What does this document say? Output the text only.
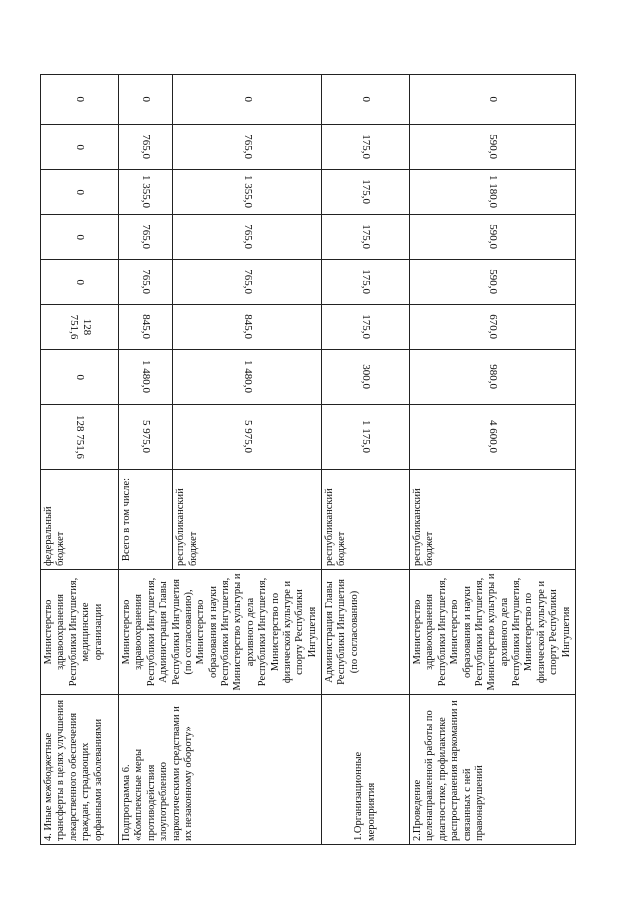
4. Иные межбюджетные трансферты в целях улучшения лекарственного обеспечения граждан, страдающих орфанными заболеваниями	Министерство здравоохранения Республики Ингушетия, медицинские организации	федеральный бюджет	128 751,6	0	128 751,6	0	0	0	0	0
Подпрограмма 6. «Комплексные меры противодействия злоупотреблению наркотическими средствами и их незаконному обороту»	Министерство здравоохранения Республики Ингушетия, Администрация Главы Республики Ингушетия (по согласованию), Министерство образования и науки Республики Ингушетия, Министерство культуры и архивного дела Республики Ингушетия, Министерство по физической культуре и спорту Республики Ингушетия	Всего в том числе:	5 975,0	1 480,0	845,0	765,0	765,0	1 355,0	765,0	0
		республиканский бюджет	5 975,0	1 480,0	845,0	765,0	765,0	1 355,0	765,0	0
1.Организационные мероприятия	Администрация Главы Республики Ингушетия (по согласованию)	республиканский бюджет	1 175,0	300,0	175,0	175,0	175,0	175,0	175,0	0
2.Проведение целенаправленной работы по диагностике, профилактике распространения наркомании и связанных с ней правонарушений	Министерство здравоохранения Республики Ингушетия, Министерство образования и науки Республики Ингушетия, Министерство культуры и архивного дела Республики Ингушетия, Министерство по физической культуре и спорту Республики Ингушетия	республиканский бюджет	4 600,0	980,0	670,0	590,0	590,0	1 180,0	590,0	0
